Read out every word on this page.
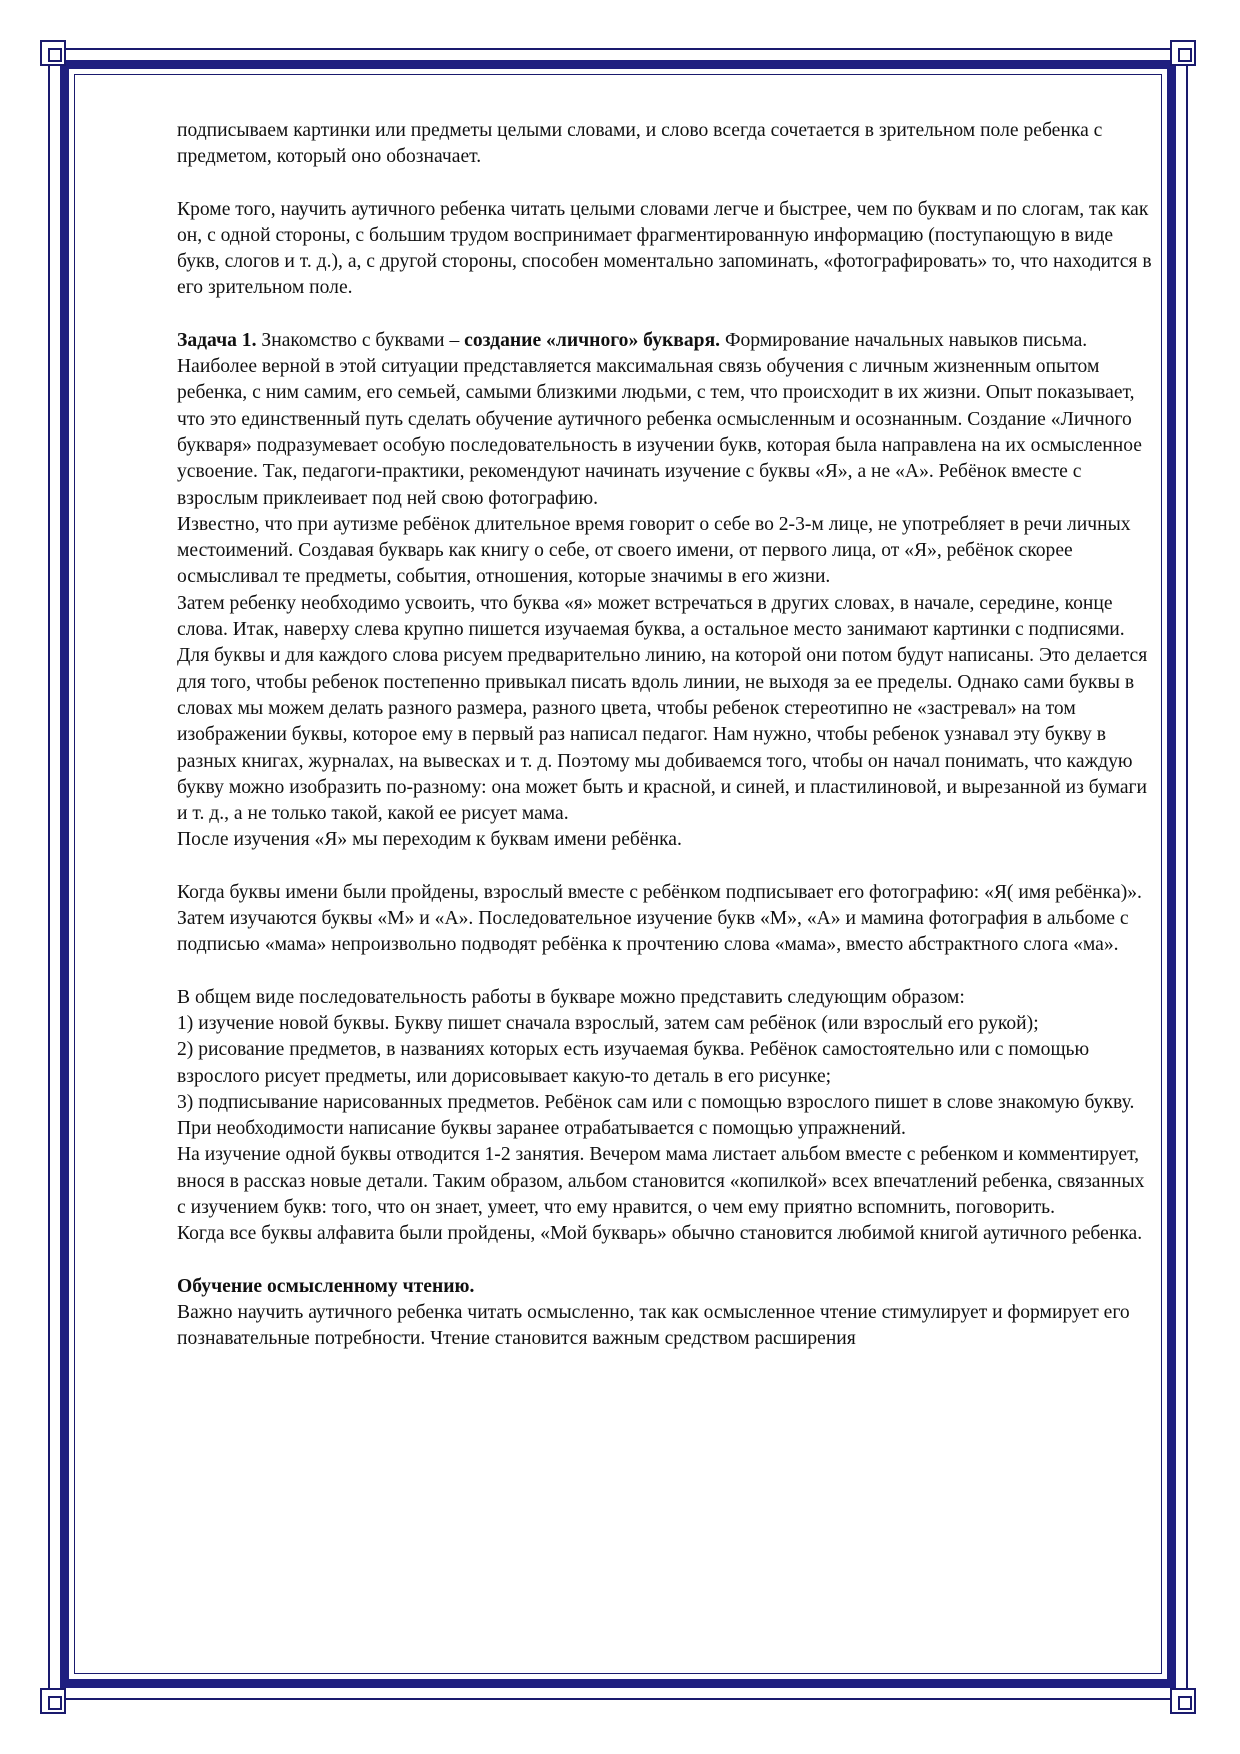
подписываем картинки или предметы целыми словами, и слово всегда сочетается в зрительном поле ребенка с предметом, который оно обозначает.

Кроме того, научить аутичного ребенка читать целыми словами легче и быстрее, чем по буквам и по слогам, так как он, с одной стороны, с большим трудом воспринимает фрагментированную информацию (поступающую в виде букв, слогов и т. д.), а, с другой стороны, способен моментально запоминать, «фотографировать» то, что находится в его зрительном поле.

Задача 1. Знакомство с буквами – создание «личного» букваря. Формирование начальных навыков письма. Наиболее верной в этой ситуации представляется максимальная связь обучения с личным жизненным опытом ребенка, с ним самим, его семьей, самыми близкими людьми, с тем, что происходит в их жизни. Опыт показывает, что это единственный путь сделать обучение аутичного ребенка осмысленным и осознанным. Создание «Личного букваря» подразумевает особую последовательность в изучении букв, которая была направлена на их осмысленное усвоение. Так, педагоги-практики, рекомендуют начинать изучение с буквы «Я», а не «А». Ребёнок вместе с взрослым приклеивает под ней свою фотографию.

Известно, что при аутизме ребёнок длительное время говорит о себе во 2-3-м лице, не употребляет в речи личных местоимений. Создавая букварь как книгу о себе, от своего имени, от первого лица, от «Я», ребёнок скорее осмысливал те предметы, события, отношения, которые значимы в его жизни.

Затем ребенку необходимо усвоить, что буква «я» может встречаться в других словах, в начале, середине, конце слова. Итак, наверху слева крупно пишется изучаемая буква, а остальное место занимают картинки с подписями. Для буквы и для каждого слова рисуем предварительно линию, на которой они потом будут написаны. Это делается для того, чтобы ребенок постепенно привыкал писать вдоль линии, не выходя за ее пределы. Однако сами буквы в словах мы можем делать разного размера, разного цвета, чтобы ребенок стереотипно не «застревал» на том изображении буквы, которое ему в первый раз написал педагог. Нам нужно, чтобы ребенок узнавал эту букву в разных книгах, журналах, на вывесках и т. д. Поэтому мы добиваемся того, чтобы он начал понимать, что каждую букву можно изобразить по-разному: она может быть и красной, и синей, и пластилиновой, и вырезанной из бумаги и т. д., а не только такой, какой ее рисует мама.

После изучения «Я» мы переходим к буквам имени ребёнка.

Когда буквы имени были пройдены, взрослый вместе с ребёнком подписывает его фотографию: «Я( имя ребёнка)».

Затем изучаются буквы «М» и «А». Последовательное изучение букв «М», «А» и мамина фотография в альбоме с подписью «мама» непроизвольно подводят ребёнка к прочтению слова «мама», вместо абстрактного слога «ма».

В общем виде последовательность работы в букваре можно представить следующим образом:

1) изучение новой буквы. Букву пишет сначала взрослый, затем сам ребёнок (или взрослый его рукой);

2) рисование предметов, в названиях которых есть изучаемая буква. Ребёнок самостоятельно или с помощью взрослого рисует предметы, или дорисовывает какую-то деталь в его рисунке;

3) подписывание нарисованных предметов. Ребёнок сам или с помощью взрослого пишет в слове знакомую букву. При необходимости написание буквы заранее отрабатывается с помощью упражнений.

На изучение одной буквы отводится 1-2 занятия. Вечером мама листает альбом вместе с ребенком и комментирует, внося в рассказ новые детали. Таким образом, альбом становится «копилкой» всех впечатлений ребенка, связанных с изучением букв: того, что он знает, умеет, что ему нравится, о чем ему приятно вспомнить, поговорить.

Когда все буквы алфавита были пройдены, «Мой букварь» обычно становится любимой книгой аутичного ребенка.

Обучение осмысленному чтению.

Важно научить аутичного ребенка читать осмысленно, так как осмысленное чтение стимулирует и формирует его познавательные потребности. Чтение становится важным средством расширения
